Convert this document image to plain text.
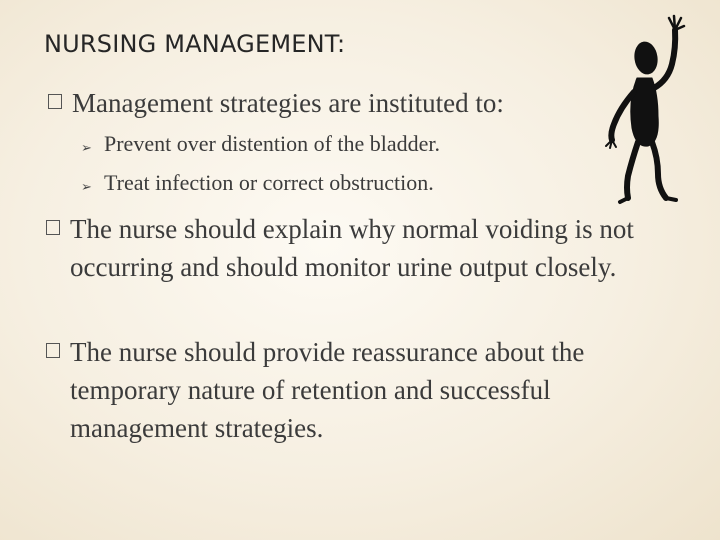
NURSING MANAGEMENT:
Management strategies are instituted to:
➢ Prevent over distention of the bladder.
➢ Treat infection or correct obstruction.
The nurse should explain why normal voiding is not occurring and should monitor urine output closely.
The nurse should provide reassurance about the temporary nature of retention and successful management strategies.
